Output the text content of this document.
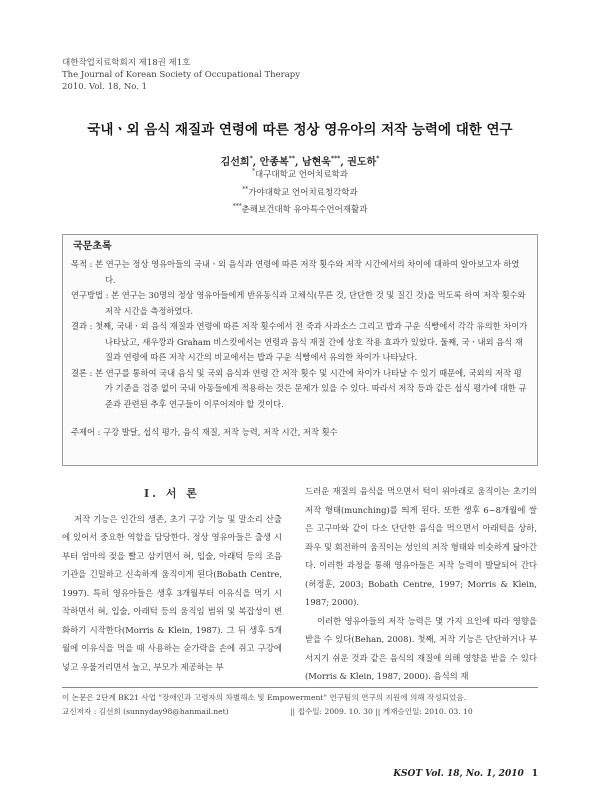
대한작업치료학회지 제18권 제1호
The Journal of Korean Society of Occupational Therapy
2010. Vol. 18, No. 1
국내ㆍ외 음식 재질과 연령에 따른 정상 영유아의 저작 능력에 대한 연구
김선희*, 안종복**, 남현욱***, 권도하*
*대구대학교 언어치료학과
**가야대학교 언어치료청각학과
***춘해보건대학 유아특수언어재활과
국문초록

목적 : 본 연구는 정상 영유아들의 국내ㆍ외 음식과 연령에 따른 저작 횟수와 저작 시간에서의 차이에 대하여 알아보고자 하였다.

연구방법 : 본 연구는 30명의 정상 영유아들에게 반유동식과 고체식(무른 것, 단단한 것 및 질긴 것)을 먹도록 하여 저작 횟수와 저작 시간을 측정하였다.

결과 : 첫째, 국내ㆍ외 음식 재질과 연령에 따른 저작 횟수에서 전 죽과 사과소스 그리고 밥과 구운 식빵에서 각각 유의한 차이가 나타났고, 새우깡과 Graham 비스킷에서는 연령과 음식 재질 간에 상호 작용 효과가 있었다. 둘째, 국ㆍ내외 음식 재질과 연령에 따른 저작 시간의 비교에서는 밥과 구운 식빵에서 유의한 차이가 나타났다.

결론 : 본 연구를 통하여 국내 음식 및 국외 음식과 연령 간 저작 횟수 및 시간에 차이가 나타날 수 있기 때문에, 국외의 저작 평가 기준을 검증 없이 국내 아동들에게 적용하는 것은 문제가 있을 수 있다. 따라서 저작 등과 같은 섭식 평가에 대한 규준과 관련된 추후 연구들이 이루어져야 할 것이다.

주제어 : 구강 발달, 섭식 평가, 음식 재질, 저작 능력, 저작 시간, 저작 횟수

Ⅰ. 서 론

저작 기능은 인간의 생존, 초기 구강 기능 및 말소리 산출에 있어서 중요한 역할을 담당한다. 정상 영유아들은 출생 시부터 엄마의 젖을 빨고 삼키면서 혀, 입술, 아래턱 등의 조음기관을 긴밀하고 신속하게 움직이게 된다(Bobath Centre, 1997). 특히 영유아들은 생후 3개월부터 이유식을 먹기 시작하면서 혀, 입술, 아래턱 등의 움직임 범위 및 복잡성이 변화하기 시작한다(Morris & Klein, 1987). 그 뒤 생후 5개월에 이유식을 먹을 때 사용하는 숟가락을 손에 쥐고 구강에 넣고 우물거리면서 놀고, 부모가 제공하는 부

드러운 재질의 음식을 먹으면서 턱이 위아래로 움직이는 초기의 저작 형태(munching)를 띄게 된다. 또한 생후 6~8개월에 쌀은 고구마와 같이 다소 단단한 음식을 먹으면서 아래턱을 상하, 좌우 및 회전하여 움직이는 성인의 저작 형태와 비슷하게 닮아간다. 이러한 과정을 통해 영유아들은 저작 능력이 발달되어 간다(허정훈, 2003; Bobath Centre, 1997; Morris & Klein, 1987; 2000).

이러한 영유아들의 저작 능력은 몇 가지 요인에 따라 영향을 받을 수 있다(Behan, 2008). 첫째, 저작 기능은 단단하거나 부서지기 쉬운 것과 같은 음식의 재질에 의해 영향을 받을 수 있다(Morris & Klein, 1987, 2000). 음식의 재

이 논문은 2단계 BK21 사업 "장애인과 고령자의 차별해소 및 Empowerment" 연구팀의 연구의 지원에 의해 작성되었음.
교신저자 : 김선희 (sunnyday98@hanmail.net)	|| 접수일: 2009. 10. 30 || 게재승인일: 2010. 03. 10
KSOT Vol. 18, No. 1, 2010 1
